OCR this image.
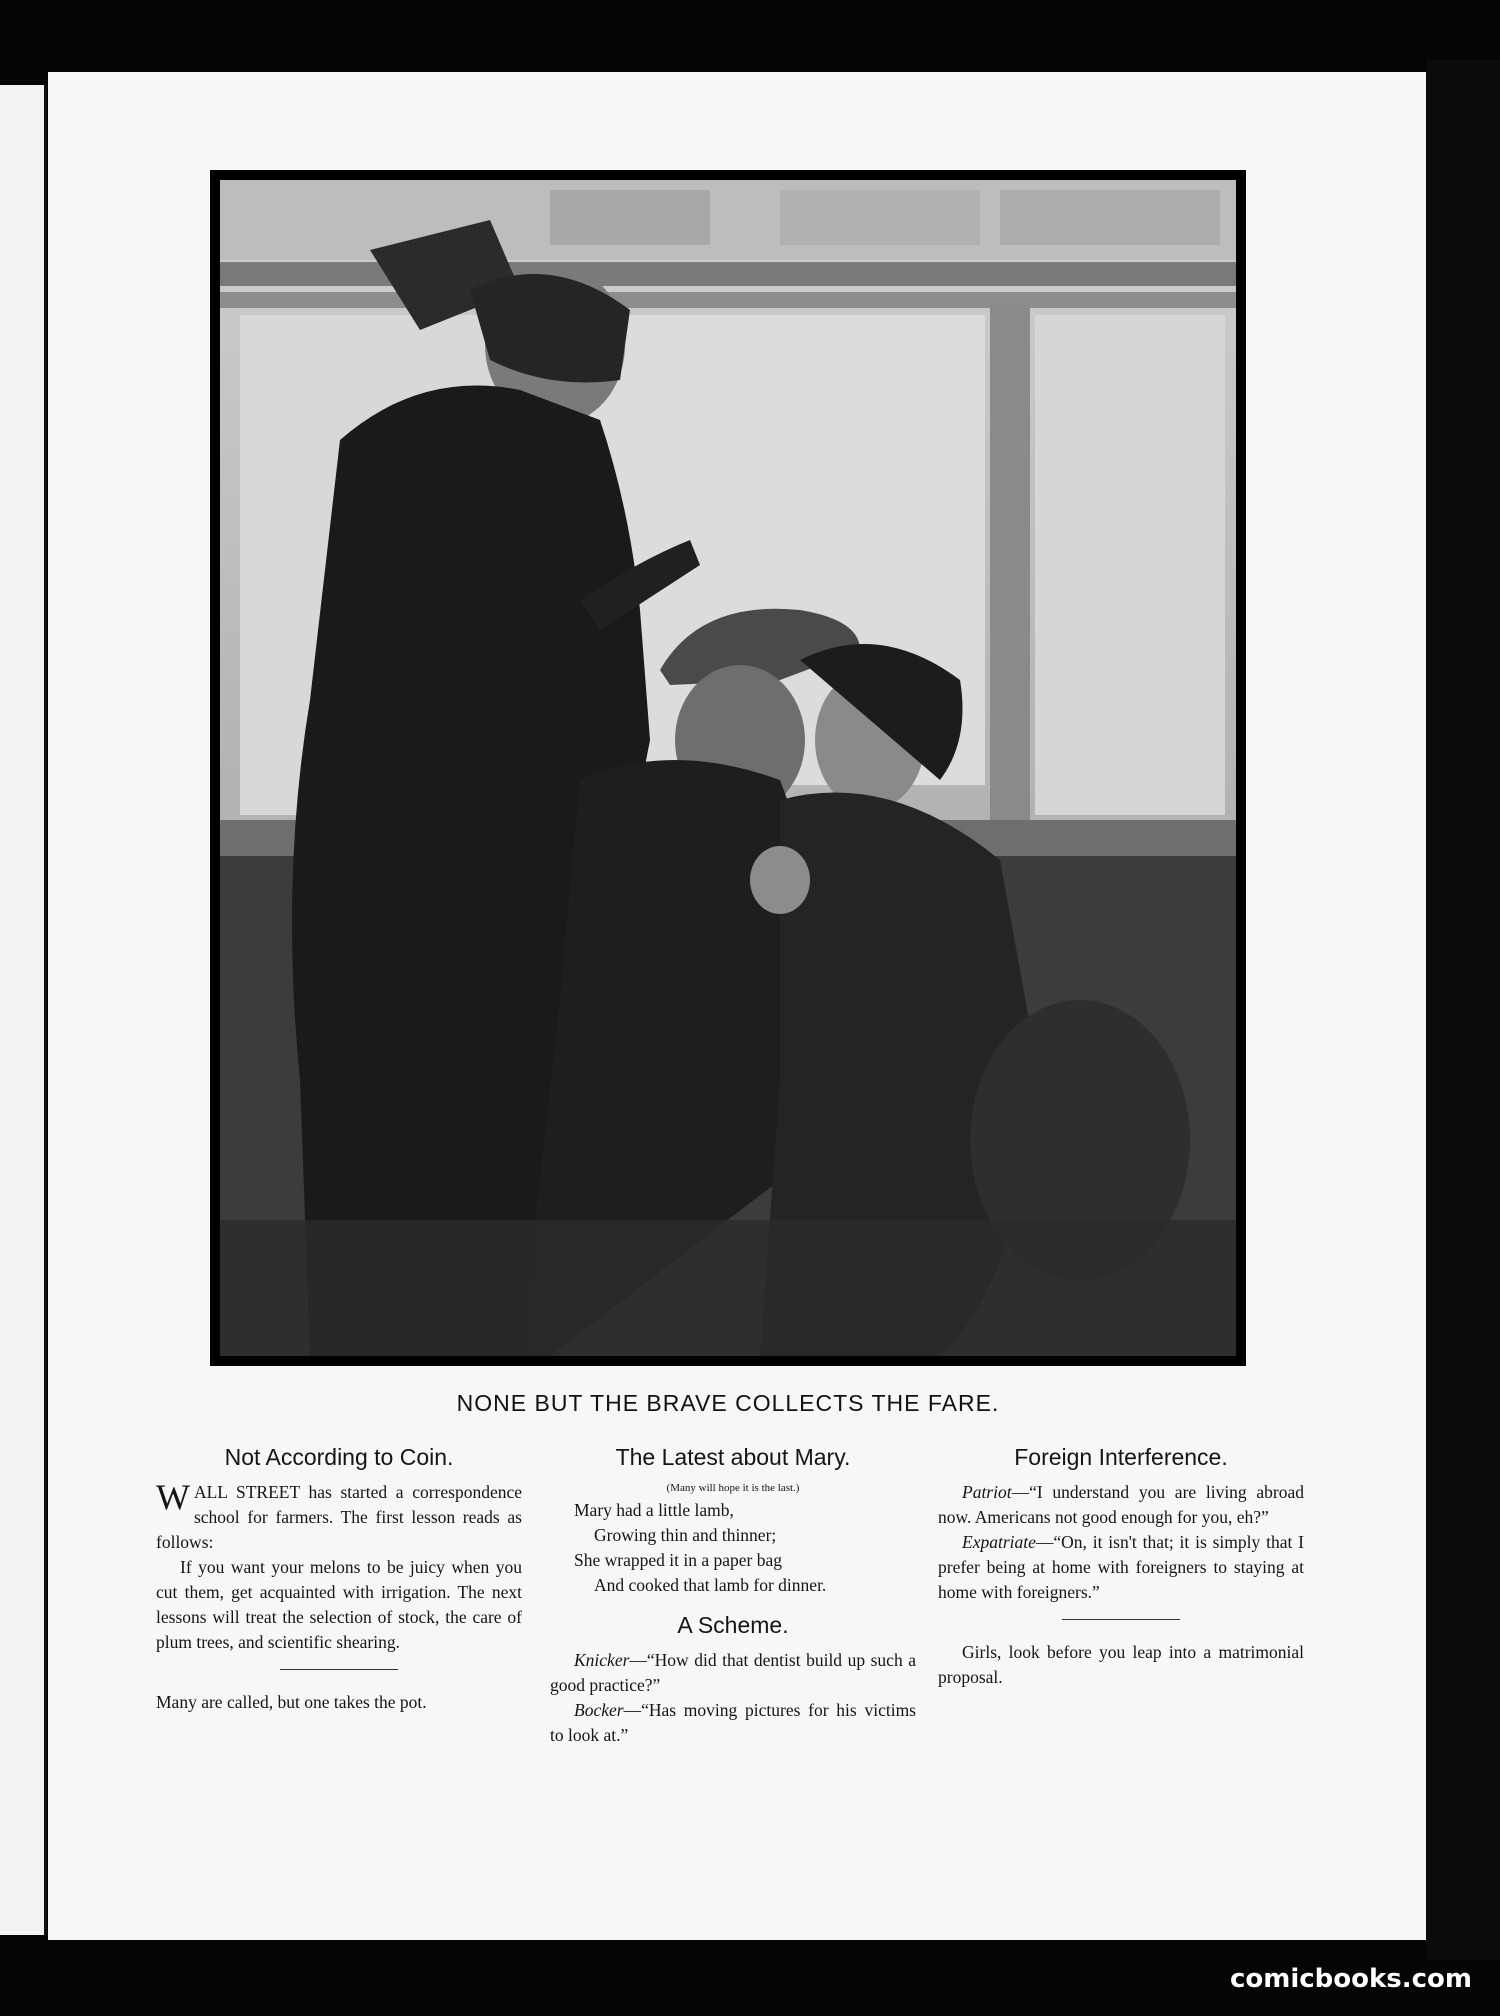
NONE BUT THE BRAVE COLLECTS THE FARE.
Not According to Coin.

WALL STREET has started a correspondence school for farmers. The first lesson reads as follows:

If you want your melons to be juicy when you cut them, get acquainted with irrigation. The next lessons will treat the selection of stock, the care of plum trees, and scientific shearing.

Many are called, but one takes the pot.

The Latest about Mary.
(Many will hope it is the last.)
Mary had a little lamb,
Growing thin and thinner;
She wrapped it in a paper bag
And cooked that lamb for dinner.
A Scheme.

Knicker—“How did that dentist build up such a good practice?”

Bocker—“Has moving pictures for his victims to look at.”

Foreign Interference.

Patriot—“I understand you are living abroad now. Americans not good enough for you, eh?”

Expatriate—“On, it isn't that; it is simply that I prefer being at home with foreigners to staying at home with foreigners.”

Girls, look before you leap into a matrimonial proposal.

comicbooks.com
